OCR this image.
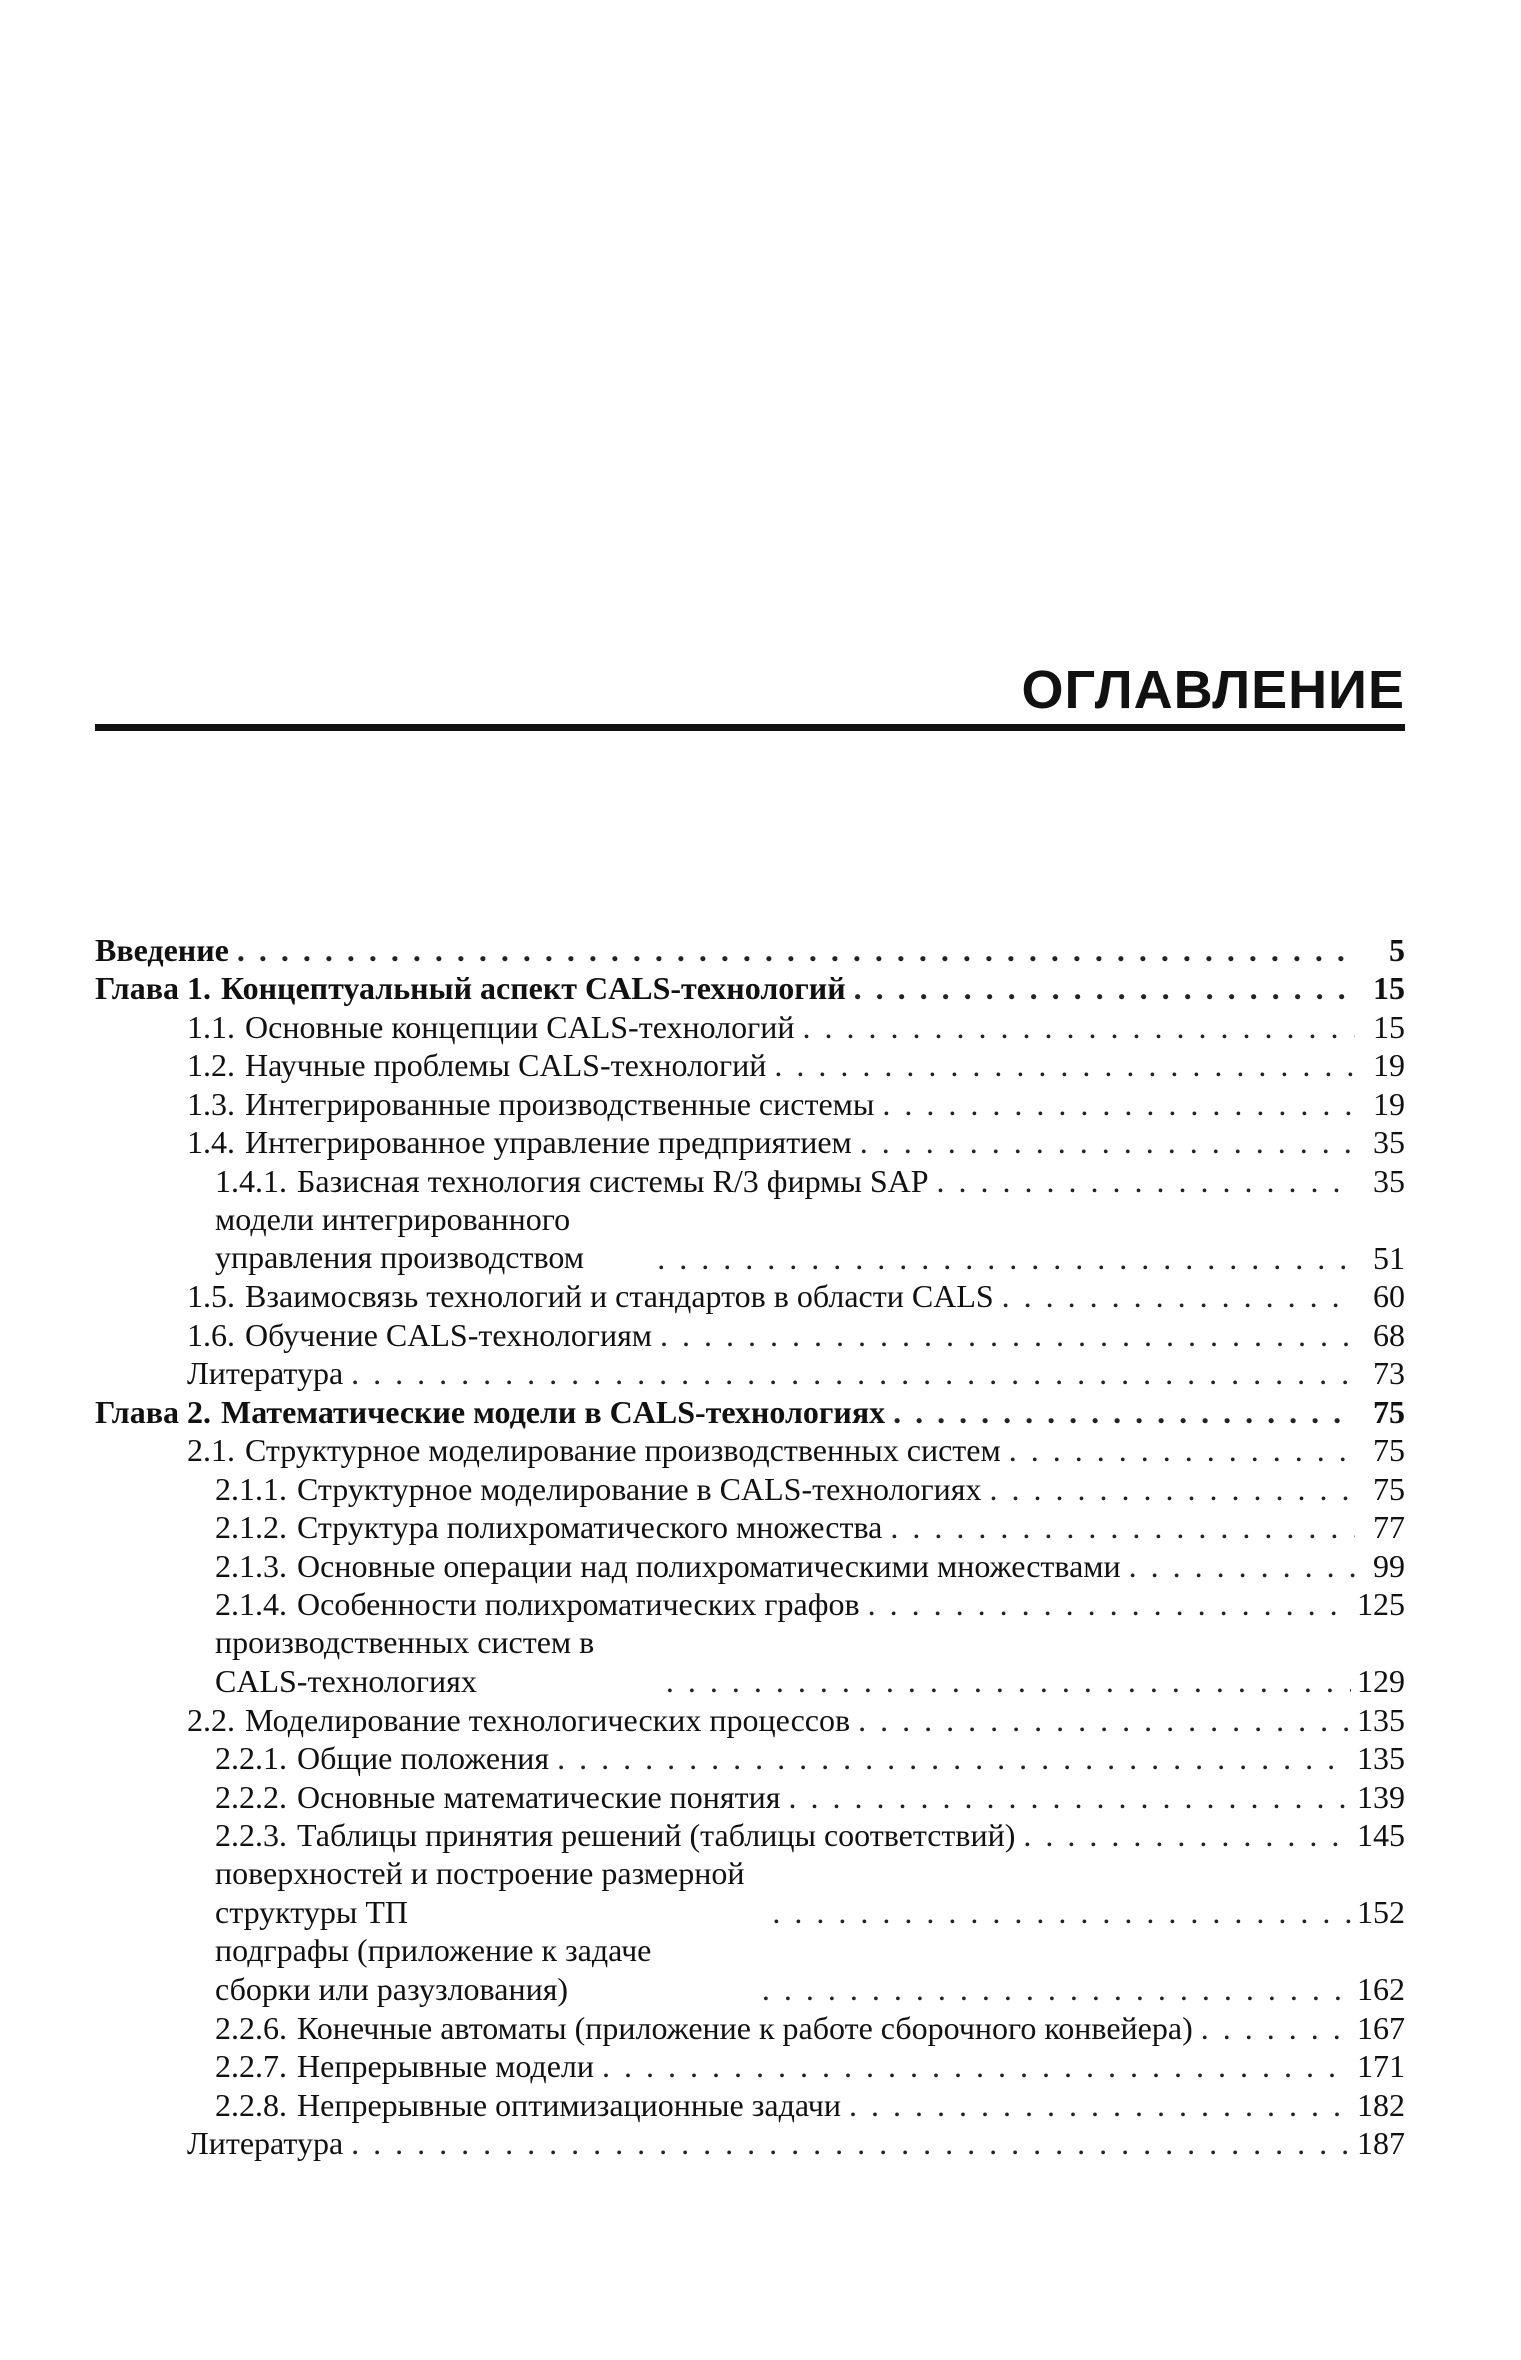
ОГЛАВЛЕНИЕ
Введение . . .	5
Глава 1. Концептуальный аспект CALS-технологий . . .	15
1.1. Основные концепции CALS-технологий . . .	15
1.2. Научные проблемы CALS-технологий . . .	19
1.3. Интегрированные производственные системы . . .	19
1.4. Интегрированное управление предприятием . . .	35
1.4.1. Базисная технология системы R/3 фирмы SAP . . .	35
модели интегрированного управления производством . . .	51
1.5. Взаимосвязь технологий и стандартов в области CALS . . .	60
1.6. Обучение CALS-технологиям . . .	68
Литература . . .	73
Глава 2. Математические модели в CALS-технологиях . . .	75
2.1. Структурное моделирование производственных систем . . .	75
2.1.1. Структурное моделирование в CALS-технологиях . . .	75
2.1.2. Структура полихроматического множества . . .	77
2.1.3. Основные операции над полихроматическими множествами . . .	99
2.1.4. Особенности полихроматических графов . . .	125
производственных систем в CALS-технологиях . . .	129
2.2. Моделирование технологических процессов . . .	135
2.2.1. Общие положения . . .	135
2.2.2. Основные математические понятия . . .	139
2.2.3. Таблицы принятия решений (таблицы соответствий) . . .	145
поверхностей и построение размерной структуры ТП . . .	152
подграфы (приложение к задаче сборки или разузлования) . . .	162
2.2.6. Конечные автоматы (приложение к работе сборочного конвейера) . . .	167
2.2.7. Непрерывные модели . . .	171
2.2.8. Непрерывные оптимизационные задачи . . .	182
Литература . . .	187
